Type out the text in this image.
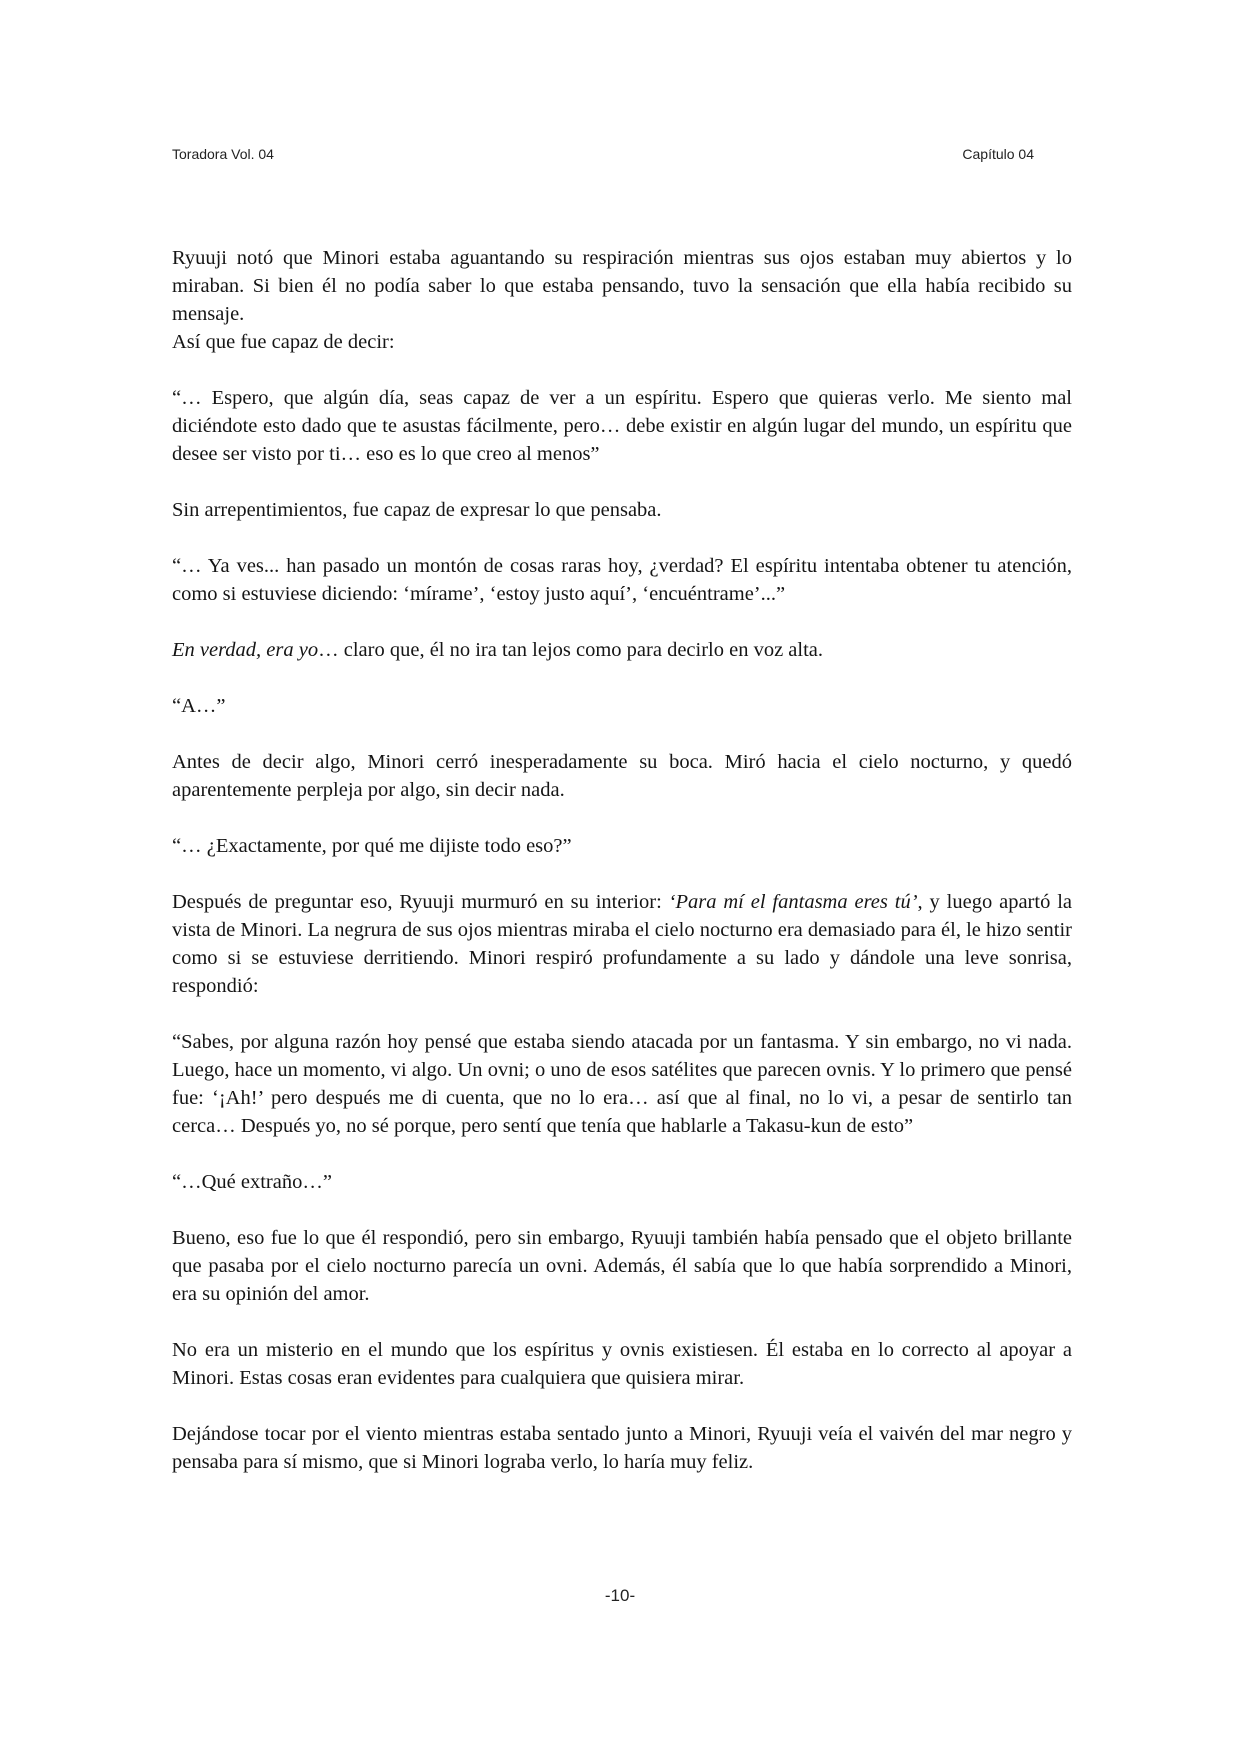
Toradora Vol. 04	Capítulo 04

Ryuuji notó que Minori estaba aguantando su respiración mientras sus ojos estaban muy abiertos y lo miraban. Si bien él no podía saber lo que estaba pensando, tuvo la sensación que ella había recibido su mensaje.

Así que fue capaz de decir:

“… Espero, que algún día, seas capaz de ver a un espíritu. Espero que quieras verlo. Me siento mal diciéndote esto dado que te asustas fácilmente, pero… debe existir en algún lugar del mundo, un espíritu que desee ser visto por ti… eso es lo que creo al menos”

Sin arrepentimientos, fue capaz de expresar lo que pensaba.

“… Ya ves... han pasado un montón de cosas raras hoy, ¿verdad? El espíritu intentaba obtener tu atención, como si estuviese diciendo: ‘mírame’, ‘estoy justo aquí’, ‘encuéntrame’...”

En verdad, era yo… claro que, él no ira tan lejos como para decirlo en voz alta.

“A…”

Antes de decir algo, Minori cerró inesperadamente su boca. Miró hacia el cielo nocturno, y quedó aparentemente perpleja por algo, sin decir nada.

“… ¿Exactamente, por qué me dijiste todo eso?”

Después de preguntar eso, Ryuuji murmuró en su interior: ‘Para mí el fantasma eres tú’, y luego apartó la vista de Minori. La negrura de sus ojos mientras miraba el cielo nocturno era demasiado para él, le hizo sentir como si se estuviese derritiendo. Minori respiró profundamente a su lado y dándole una leve sonrisa, respondió:

“Sabes, por alguna razón hoy pensé que estaba siendo atacada por un fantasma. Y sin embargo, no vi nada. Luego, hace un momento, vi algo. Un ovni; o uno de esos satélites que parecen ovnis. Y lo primero que pensé fue: ‘¡Ah!’ pero después me di cuenta, que no lo era… así que al final, no lo vi, a pesar de sentirlo tan cerca… Después yo, no sé porque, pero sentí que tenía que hablarle a Takasu-kun de esto”

“…Qué extraño…”

Bueno, eso fue lo que él respondió, pero sin embargo, Ryuuji también había pensado que el objeto brillante que pasaba por el cielo nocturno parecía un ovni. Además, él sabía que lo que había sorprendido a Minori, era su opinión del amor.

No era un misterio en el mundo que los espíritus y ovnis existiesen. Él estaba en lo correcto al apoyar a Minori. Estas cosas eran evidentes para cualquiera que quisiera mirar.

Dejándose tocar por el viento mientras estaba sentado junto a Minori, Ryuuji veía el vaivén del mar negro y pensaba para sí mismo, que si Minori lograba verlo, lo haría muy feliz.

-10-
